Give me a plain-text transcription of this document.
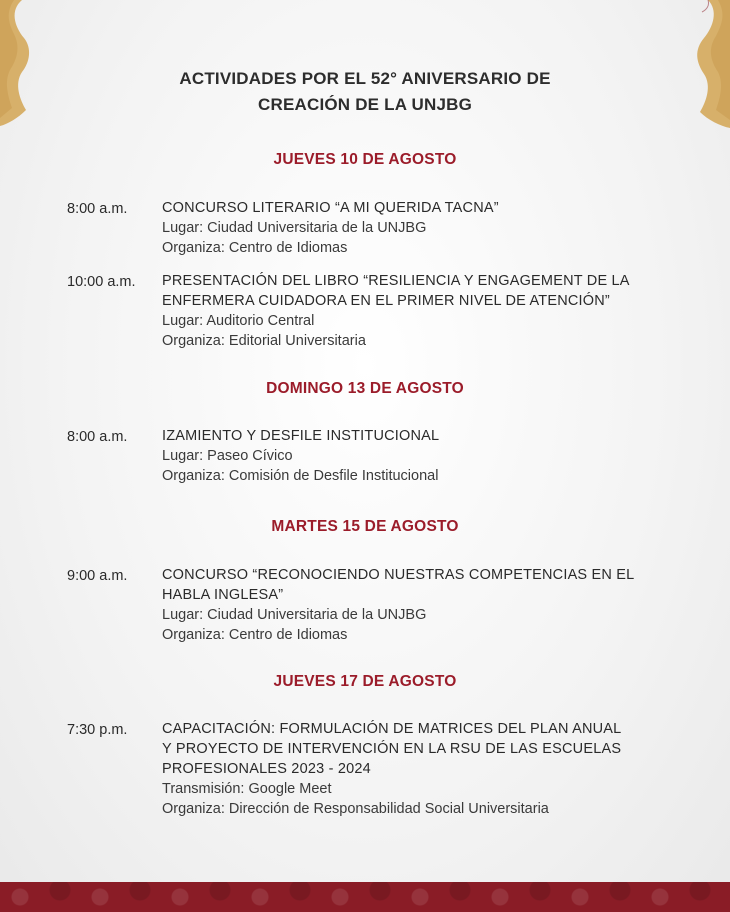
ACTIVIDADES POR EL 52° ANIVERSARIO DE
CREACIÓN DE LA UNJBG
JUEVES 10 DE AGOSTO
8:00 a.m. CONCURSO LITERARIO “A MI QUERIDA TACNA”
Lugar: Ciudad Universitaria de la UNJBG
Organiza: Centro de Idiomas
10:00 a.m. PRESENTACIÓN DEL LIBRO “RESILIENCIA Y ENGAGEMENT DE LA
ENFERMERA CUIDADORA EN EL PRIMER NIVEL DE ATENCIÓN”
Lugar: Auditorio Central
Organiza: Editorial Universitaria
DOMINGO 13 DE AGOSTO
8:00 a.m. IZAMIENTO Y DESFILE INSTITUCIONAL
Lugar: Paseo Cívico
Organiza: Comisión de Desfile Institucional
MARTES 15 DE AGOSTO
9:00 a.m. CONCURSO “RECONOCIENDO NUESTRAS COMPETENCIAS EN EL
HABLA INGLESA”
Lugar: Ciudad Universitaria de la UNJBG
Organiza: Centro de Idiomas
JUEVES 17 DE AGOSTO
7:30 p.m. CAPACITACIÓN: FORMULACIÓN DE MATRICES DEL PLAN ANUAL
Y PROYECTO DE INTERVENCIÓN EN LA RSU DE LAS ESCUELAS
PROFESIONALES 2023 - 2024
Transmisión: Google Meet
Organiza: Dirección de Responsabilidad Social Universitaria
